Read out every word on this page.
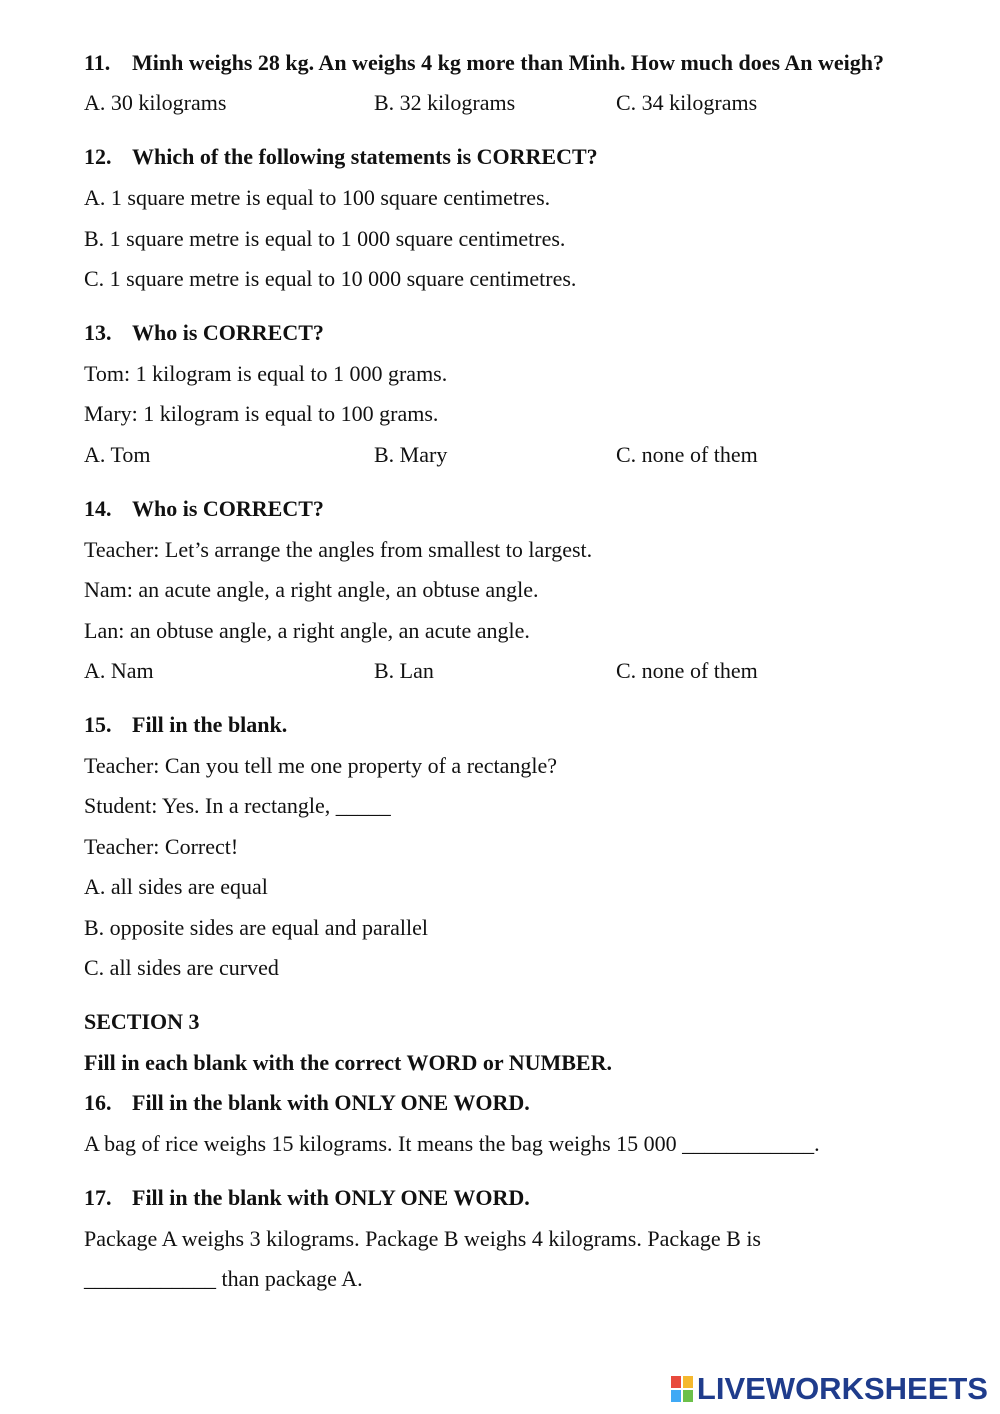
11. Minh weighs 28 kg. An weighs 4 kg more than Minh. How much does An weigh?
A. 30 kilograms	B. 32 kilograms	C. 34 kilograms
12. Which of the following statements is CORRECT?
A. 1 square metre is equal to 100 square centimetres.
B. 1 square metre is equal to 1 000 square centimetres.
C. 1 square metre is equal to 10 000 square centimetres.
13. Who is CORRECT?
Tom: 1 kilogram is equal to 1 000 grams.
Mary: 1 kilogram is equal to 100 grams.
A. Tom	B. Mary	C. none of them
14. Who is CORRECT?
Teacher: Let’s arrange the angles from smallest to largest.
Nam: an acute angle, a right angle, an obtuse angle.
Lan: an obtuse angle, a right angle, an acute angle.
A. Nam	B. Lan	C. none of them
15. Fill in the blank.
Teacher: Can you tell me one property of a rectangle?
Student: Yes. In a rectangle, _____
Teacher: Correct!
A. all sides are equal
B. opposite sides are equal and parallel
C. all sides are curved
SECTION 3
Fill in each blank with the correct WORD or NUMBER.
16. Fill in the blank with ONLY ONE WORD.
A bag of rice weighs 15 kilograms. It means the bag weighs 15 000 ____________.
17. Fill in the blank with ONLY ONE WORD.
Package A weighs 3 kilograms. Package B weighs 4 kilograms. Package B is
____________ than package A.
LIVEWORKSHEETS
